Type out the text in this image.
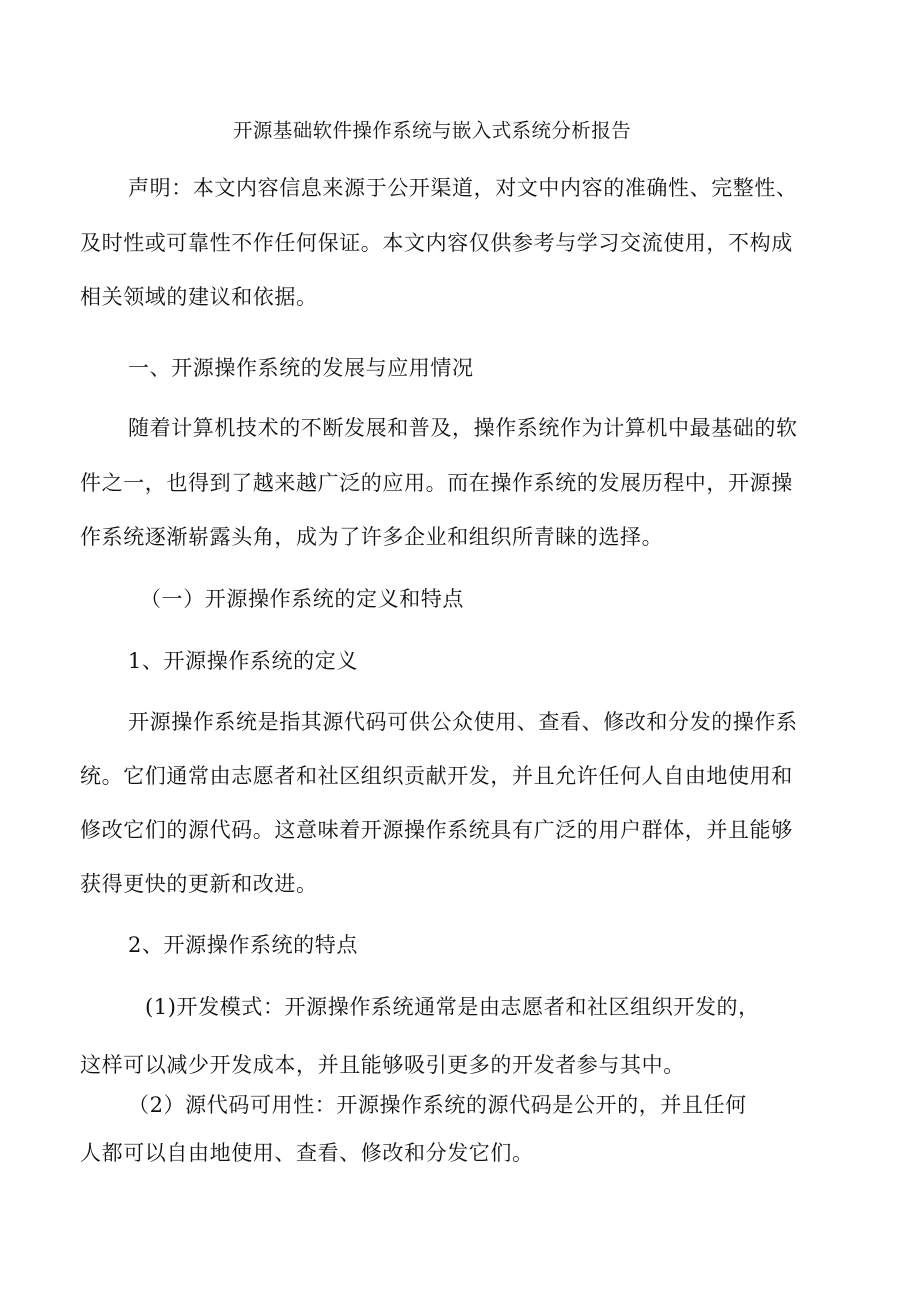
开源基础软件操作系统与嵌入式系统分析报告
声明：本文内容信息来源于公开渠道，对文中内容的准确性、完整性、
及时性或可靠性不作任何保证。本文内容仅供参考与学习交流使用，不构成
相关领域的建议和依据。
一、开源操作系统的发展与应用情况
随着计算机技术的不断发展和普及，操作系统作为计算机中最基础的软
件之一，也得到了越来越广泛的应用。而在操作系统的发展历程中，开源操
作系统逐渐崭露头角，成为了许多企业和组织所青睐的选择。
（一）开源操作系统的定义和特点
1、开源操作系统的定义
开源操作系统是指其源代码可供公众使用、查看、修改和分发的操作系
统。它们通常由志愿者和社区组织贡献开发，并且允许任何人自由地使用和
修改它们的源代码。这意味着开源操作系统具有广泛的用户群体，并且能够
获得更快的更新和改进。
2、开源操作系统的特点
(1)开发模式：开源操作系统通常是由志愿者和社区组织开发的，
这样可以减少开发成本，并且能够吸引更多的开发者参与其中。
（2）源代码可用性：开源操作系统的源代码是公开的，并且任何
人都可以自由地使用、查看、修改和分发它们。
